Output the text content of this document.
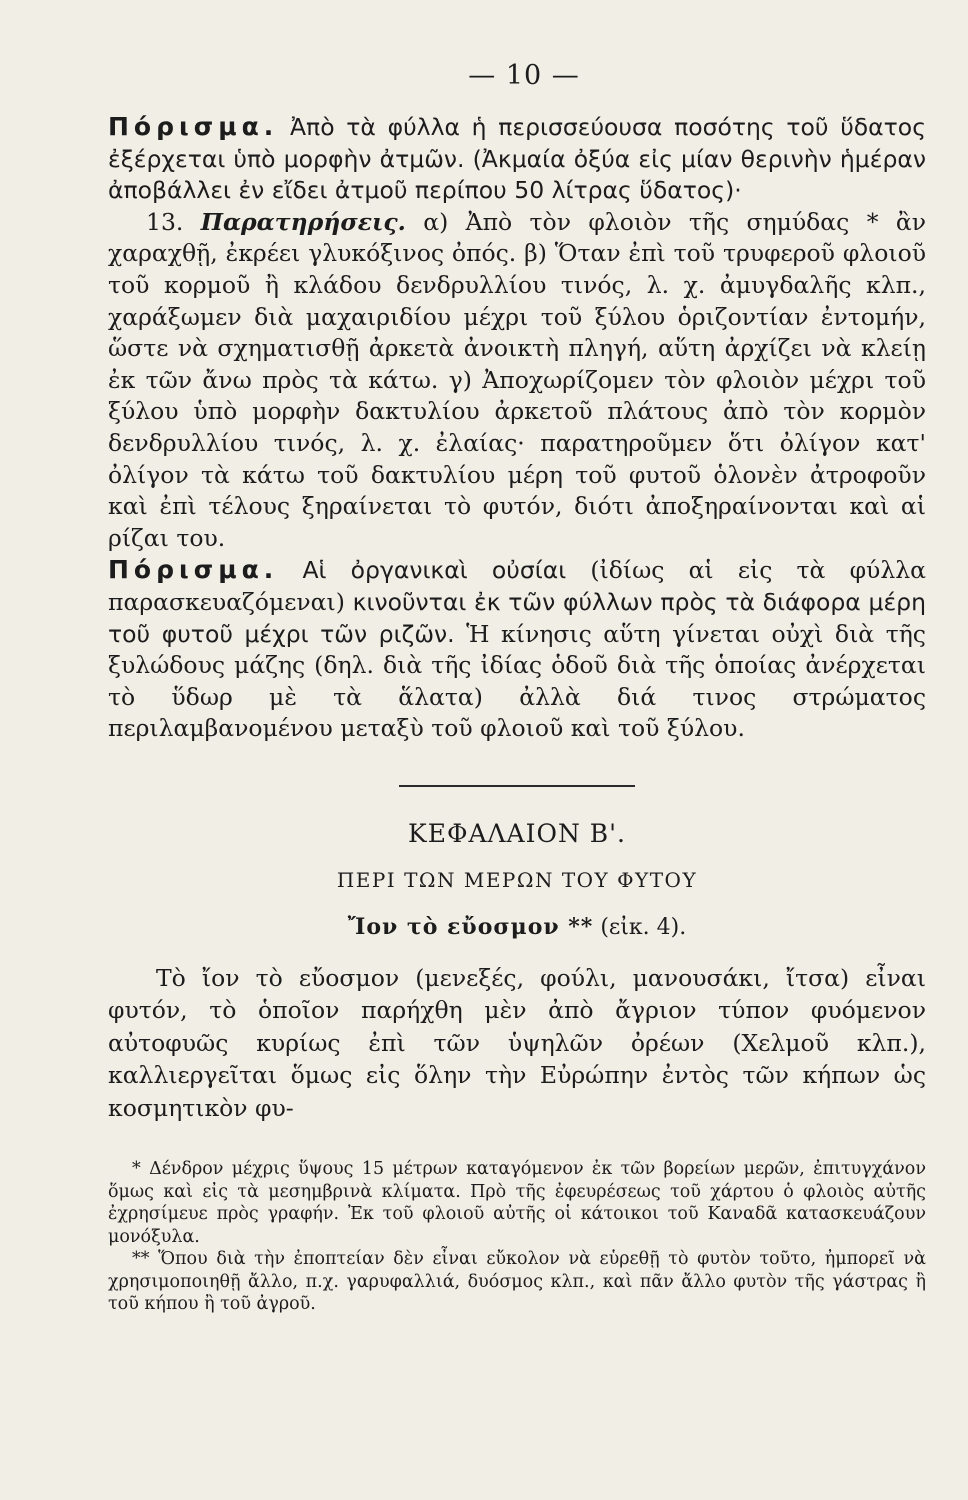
— 10 —

Πόρισμα. Ἀπὸ τὰ φύλλα ἡ περισσεύουσα ποσότης τοῦ ὕδατος ἐξέρχεται ὑπὸ μορφὴν ἀτμῶν. (Ἀκμαία ὀξύα εἰς μίαν θερινὴν ἡμέραν ἀποβάλλει ἐν εἴδει ἀτμοῦ περίπου 50 λίτρας ὕδατος)·

13. Παρατηρήσεις. α) Ἀπὸ τὸν φλοιὸν τῆς σημύδας * ἂν χαραχθῇ, ἐκρέει γλυκόξινος ὀπός. β) Ὅταν ἐπὶ τοῦ τρυφεροῦ φλοιοῦ τοῦ κορμοῦ ἢ κλάδου δενδρυλλίου τινός, λ. χ. ἀμυγδαλῆς κλπ., χαράξωμεν διὰ μαχαιριδίου μέχρι τοῦ ξύλου ὁριζοντίαν ἐντομήν, ὥστε νὰ σχηματισθῇ ἀρκετὰ ἀνοικτὴ πληγή, αὕτη ἀρχίζει νὰ κλείῃ ἐκ τῶν ἄνω πρὸς τὰ κάτω. γ) Ἀποχωρίζομεν τὸν φλοιὸν μέχρι τοῦ ξύλου ὑπὸ μορφὴν δακτυλίου ἀρκετοῦ πλάτους ἀπὸ τὸν κορμὸν δενδρυλλίου τινός, λ. χ. ἐλαίας· παρατηροῦμεν ὅτι ὀλίγον κατ' ὀλίγον τὰ κάτω τοῦ δακτυλίου μέρη τοῦ φυτοῦ ὁλονὲν ἀτροφοῦν καὶ ἐπὶ τέλους ξηραίνεται τὸ φυτόν, διότι ἀποξηραίνονται καὶ αἱ ρίζαι του.

Πόρισμα. Αἱ ὀργανικαὶ οὐσίαι (ἰδίως αἱ εἰς τὰ φύλλα παρασκευαζόμεναι) κινοῦνται ἐκ τῶν φύλλων πρὸς τὰ διάφορα μέρη τοῦ φυτοῦ μέχρι τῶν ριζῶν. Ἡ κίνησις αὕτη γίνεται οὐχὶ διὰ τῆς ξυλώδους μάζης (δηλ. διὰ τῆς ἰδίας ὁδοῦ διὰ τῆς ὁποίας ἀνέρχεται τὸ ὕδωρ μὲ τὰ ἅλατα) ἀλλὰ διά τινος στρώματος περιλαμβανομένου μεταξὺ τοῦ φλοιοῦ καὶ τοῦ ξύλου.

ΚΕΦΑΛΑΙΟΝ Β'.
ΠΕΡΙ ΤΩΝ ΜΕΡΩΝ ΤΟΥ ΦΥΤΟΥ
Ἴον τὸ εὔοσμον ** (εἰκ. 4).

Τὸ ἴον τὸ εὔοσμον (μενεξές, φούλι, μανουσάκι, ἴτσα) εἶναι φυτόν, τὸ ὁποῖον παρήχθη μὲν ἀπὸ ἄγριον τύπον φυόμενον αὐτοφυῶς κυρίως ἐπὶ τῶν ὑψηλῶν ὀρέων (Χελμοῦ κλπ.), καλλιεργεῖται ὅμως εἰς ὅλην τὴν Εὐρώπην ἐντὸς τῶν κήπων ὡς κοσμητικὸν φυ-

* Δένδρον μέχρις ὕψους 15 μέτρων καταγόμενον ἐκ τῶν βορείων μερῶν, ἐπιτυγχάνον ὅμως καὶ εἰς τὰ μεσημβρινὰ κλίματα. Πρὸ τῆς ἐφευρέσεως τοῦ χάρτου ὁ φλοιὸς αὐτῆς ἐχρησίμευε πρὸς γραφήν. Ἐκ τοῦ φλοιοῦ αὐτῆς οἱ κάτοικοι τοῦ Καναδᾶ κατασκευάζουν μονόξυλα.

** Ὅπου διὰ τὴν ἐποπτείαν δὲν εἶναι εὔκολον νὰ εὑρεθῇ τὸ φυτὸν τοῦτο, ἠμπορεῖ νὰ χρησιμοποιηθῇ ἄλλο, π.χ. γαρυφαλλιά, δυόσμος κλπ., καὶ πᾶν ἄλλο φυτὸν τῆς γάστρας ἢ τοῦ κήπου ἢ τοῦ ἀγροῦ.
